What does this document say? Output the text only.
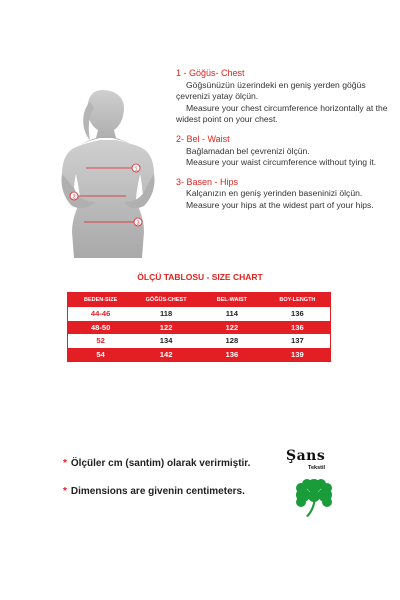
1
2
3

1 - Göğüs- Chest

Göğsünüzün üzerindeki en geniş yerden göğüs çevrenizi yatay ölçün.

Measure your chest circumference horizontally at the widest point on your chest.

2- Bel - Waist

Bağlamadan bel çevrenizi ölçün.

Measure your waist circumference without tying it.

3- Basen - Hips

Kalçanızın en geniş yerinden baseninizi ölçün.

Measure your hips at the widest part of your hips.

ÖLÇÜ TABLOSU - SIZE CHART
BEDEN-SIZE	GÖĞÜS-CHEST	BEL-WAIST	BOY-LENGTH
44-46	118	114	136
48-50	122	122	136
52	134	128	137
54	142	136	139
* Ölçüler cm (santim) olarak verirmiştir.
* Dimensions are givenin centimeters.
Şans
Tekstil
